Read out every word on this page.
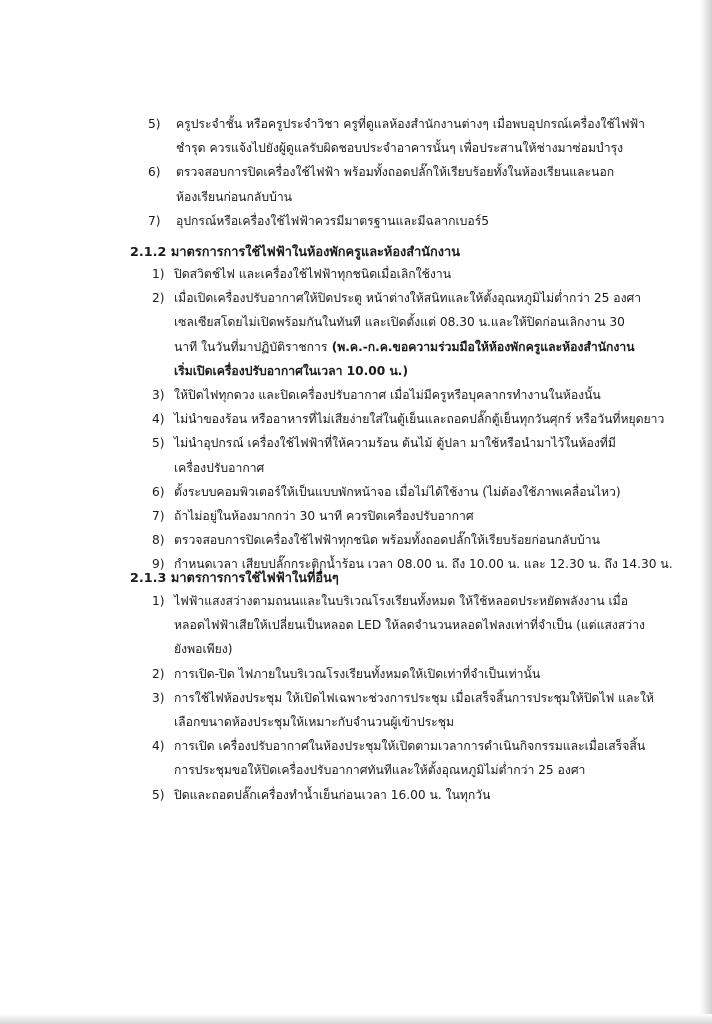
5)	ครูประจำชั้น หรือครูประจำวิชา ครูที่ดูแลห้องสำนักงานต่างๆ เมื่อพบอุปกรณ์เครื่องใช้ไฟฟ้า
ชำรุด ควรแจ้งไปยังผู้ดูแลรับผิดชอบประจำอาคารนั้นๆ เพื่อประสานให้ช่างมาซ่อมบำรุง
6)	ตรวจสอบการปิดเครื่องใช้ไฟฟ้า พร้อมทั้งถอดปลั๊กให้เรียบร้อยทั้งในห้องเรียนและนอก
ห้องเรียนก่อนกลับบ้าน
7)	อุปกรณ์หรือเครื่องใช้ไฟฟ้าควรมีมาตรฐานและมีฉลากเบอร์5
2.1.2 มาตรการการใช้ไฟฟ้าในห้องพักครูและห้องสำนักงาน
1) ปิดสวิตช์ไฟ และเครื่องใช้ไฟฟ้าทุกชนิดเมื่อเลิกใช้งาน
2) เมื่อเปิดเครื่องปรับอากาศให้ปิดประตู หน้าต่างให้สนิทและให้ตั้งอุณหภูมิไม่ต่ำกว่า 25 องศา
เซลเซียสโดยไม่เปิดพร้อมกันในทันที และเปิดตั้งแต่ 08.30 น.และให้ปิดก่อนเลิกงาน 30
นาที ในวันที่มาปฏิบัติราชการ (พ.ค.-ก.ค.ขอความร่วมมือให้ห้องพักครูและห้องสำนักงาน
เริ่มเปิดเครื่องปรับอากาศในเวลา 10.00 น.)
3) ให้ปิดไฟทุกดวง และปิดเครื่องปรับอากาศ เมื่อไม่มีครูหรือบุคลากรทำงานในห้องนั้น
4) ไม่นำของร้อน หรืออาหารที่ไม่เสียง่ายใส่ในตู้เย็นและถอดปลั๊กตู้เย็นทุกวันศุกร์ หรือวันที่หยุดยาว
5) ไม่นำอุปกรณ์ เครื่องใช้ไฟฟ้าที่ให้ความร้อน ต้นไม้ ตู้ปลา มาใช้หรือนำมาไว้ในห้องที่มี
เครื่องปรับอากาศ
6) ตั้งระบบคอมพิวเตอร์ให้เป็นแบบพักหน้าจอ เมื่อไม่ได้ใช้งาน (ไม่ต้องใช้ภาพเคลื่อนไหว)
7) ถ้าไม่อยู่ในห้องมากกว่า 30 นาที ควรปิดเครื่องปรับอากาศ
8) ตรวจสอบการปิดเครื่องใช้ไฟฟ้าทุกชนิด พร้อมทั้งถอดปลั๊กให้เรียบร้อยก่อนกลับบ้าน
9) กำหนดเวลา เสียบปลั๊กกระติกน้ำร้อน เวลา 08.00 น. ถึง 10.00 น. และ 12.30 น. ถึง 14.30 น.
2.1.3 มาตรการการใช้ไฟฟ้าในที่อื่นๆ
1) ไฟฟ้าแสงสว่างตามถนนและในบริเวณโรงเรียนทั้งหมด ให้ใช้หลอดประหยัดพลังงาน เมื่อ
หลอดไฟฟ้าเสียให้เปลี่ยนเป็นหลอด LED ให้ลดจำนวนหลอดไฟลงเท่าที่จำเป็น (แต่แสงสว่าง
ยังพอเพียง)
2) การเปิด-ปิด ไฟภายในบริเวณโรงเรียนทั้งหมดให้เปิดเท่าที่จำเป็นเท่านั้น
3) การใช้ไฟห้องประชุม ให้เปิดไฟเฉพาะช่วงการประชุม เมื่อเสร็จสิ้นการประชุมให้ปิดไฟ และให้
เลือกขนาดห้องประชุมให้เหมาะกับจำนวนผู้เข้าประชุม
4) การเปิด เครื่องปรับอากาศในห้องประชุมให้เปิดตามเวลาการดำเนินกิจกรรมและเมื่อเสร็จสิ้น
การประชุมขอให้ปิดเครื่องปรับอากาศทันทีและให้ตั้งอุณหภูมิไม่ต่ำกว่า 25 องศา
5) ปิดและถอดปลั๊กเครื่องทำน้ำเย็นก่อนเวลา 16.00 น. ในทุกวัน
